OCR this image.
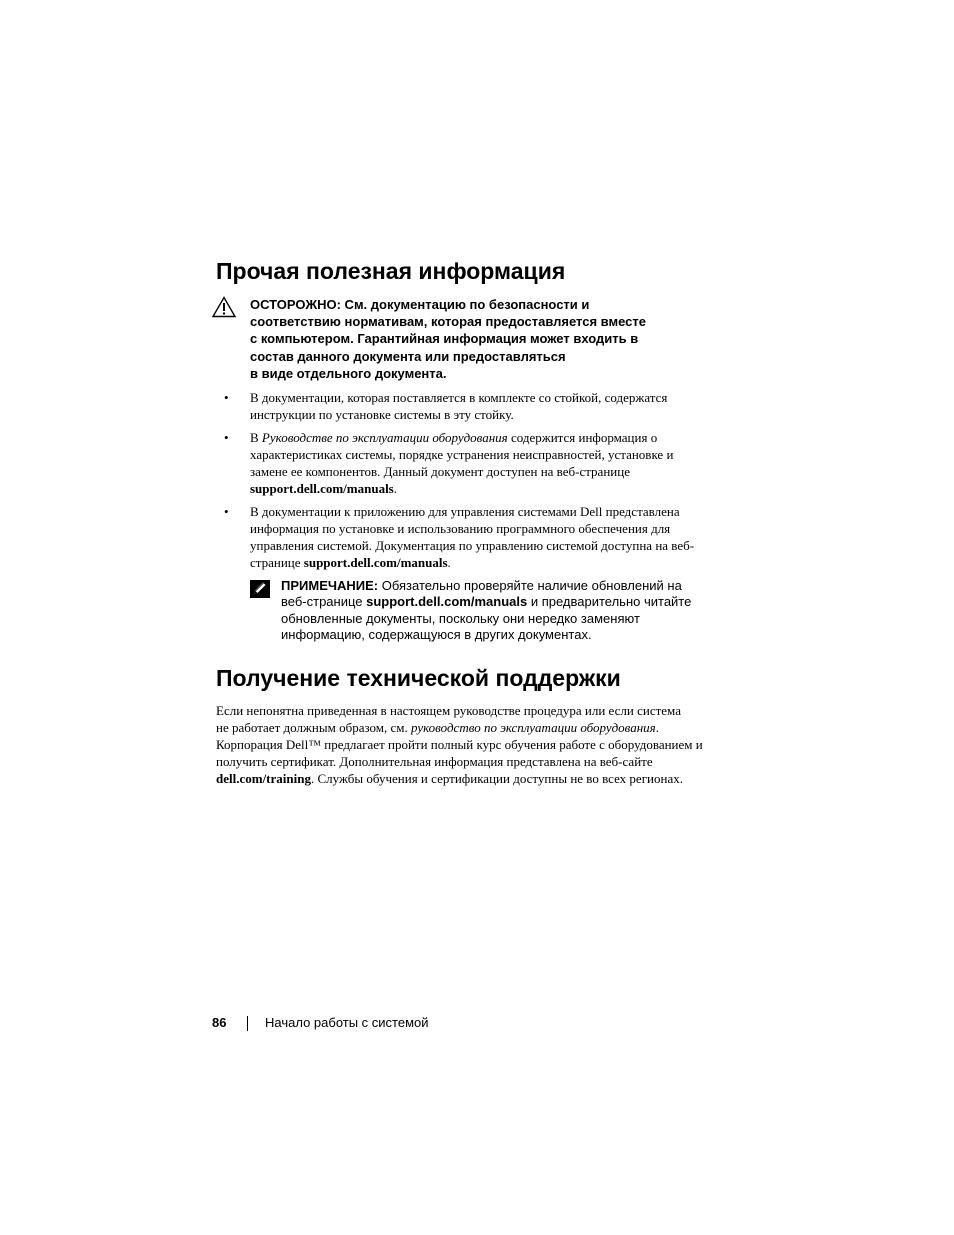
Прочая полезная информация
ОСТОРОЖНО: См. документацию по безопасности и
соответствию нормативам, которая предоставляется вместе
с компьютером. Гарантийная информация может входить в
состав данного документа или предоставляться
в виде отдельного документа.
• В документации, которая поставляется в комплекте со стойкой, содержатся
инструкции по установке системы в эту стойку.
• В Руководстве по эксплуатации оборудования содержится информация о
характеристиках системы, порядке устранения неисправностей, установке и
замене ее компонентов. Данный документ доступен на веб-странице
support.dell.com/manuals.
• В документации к приложению для управления системами Dell представлена
информация по установке и использованию программного обеспечения для
управления системой. Документация по управлению системой доступна на веб-
странице support.dell.com/manuals.
ПРИМЕЧАНИЕ: Обязательно проверяйте наличие обновлений на
веб-странице support.dell.com/manuals и предварительно читайте
обновленные документы, поскольку они нередко заменяют
информацию, содержащуюся в других документах.
Получение технической поддержки
Если непонятна приведенная в настоящем руководстве процедура или если система
не работает должным образом, см. руководство по эксплуатации оборудования.
Корпорация Dell™ предлагает пройти полный курс обучения работе с оборудованием и
получить сертификат. Дополнительная информация представлена на веб-сайте
dell.com/training. Службы обучения и сертификации доступны не во всех регионах.
86	Начало работы с системой
